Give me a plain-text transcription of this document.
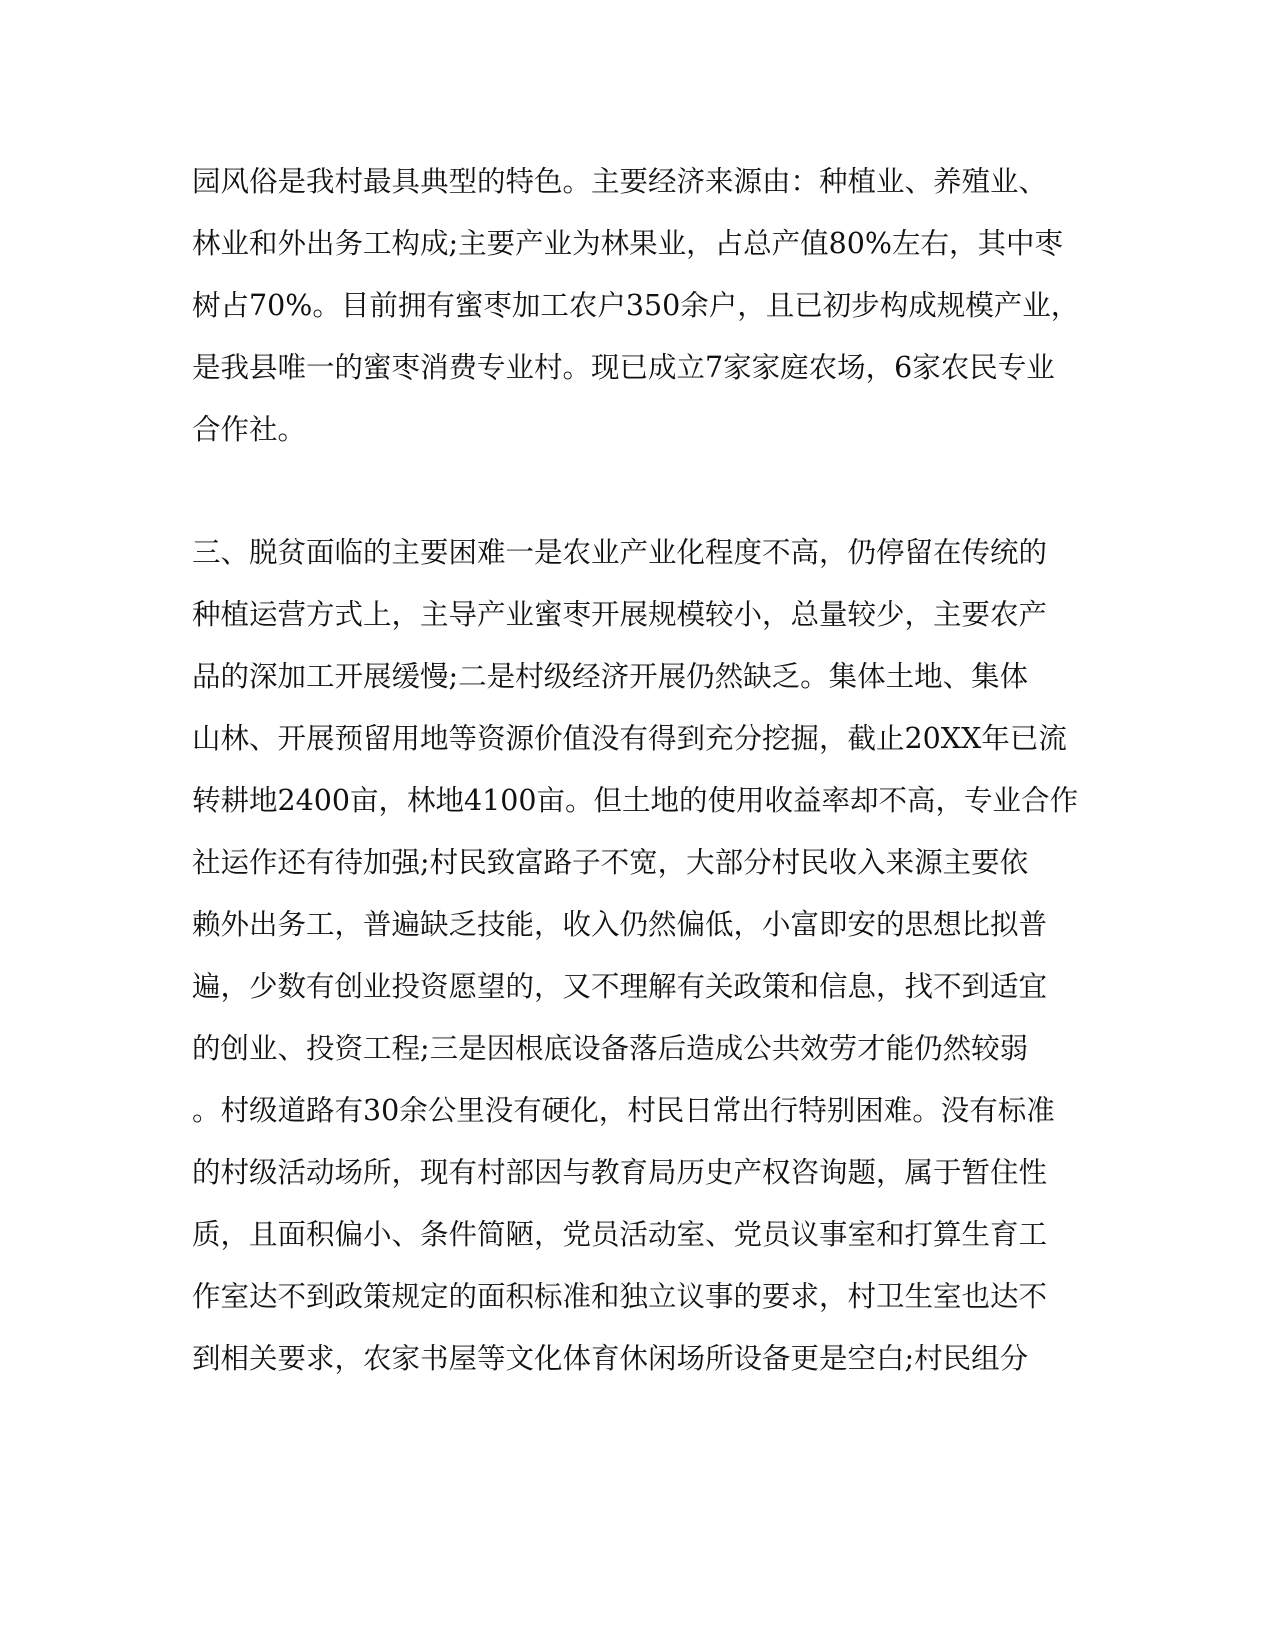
园风俗是我村最具典型的特色。主要经济来源由：种植业、养殖业、
林业和外出务工构成;主要产业为林果业，占总产值80%左右，其中枣
树占70%。目前拥有蜜枣加工农户350余户，且已初步构成规模产业，
是我县唯一的蜜枣消费专业村。现已成立7家家庭农场，6家农民专业
合作社。
三、脱贫面临的主要困难一是农业产业化程度不高，仍停留在传统的
种植运营方式上，主导产业蜜枣开展规模较小，总量较少，主要农产
品的深加工开展缓慢;二是村级经济开展仍然缺乏。集体土地、集体
山林、开展预留用地等资源价值没有得到充分挖掘，截止20XX年已流
转耕地2400亩，林地4100亩。但土地的使用收益率却不高，专业合作
社运作还有待加强;村民致富路子不宽，大部分村民收入来源主要依
赖外出务工，普遍缺乏技能，收入仍然偏低，小富即安的思想比拟普
遍，少数有创业投资愿望的，又不理解有关政策和信息，找不到适宜
的创业、投资工程;三是因根底设备落后造成公共效劳才能仍然较弱
。村级道路有30余公里没有硬化，村民日常出行特别困难。没有标准
的村级活动场所，现有村部因与教育局历史产权咨询题，属于暂住性
质，且面积偏小、条件简陋，党员活动室、党员议事室和打算生育工
作室达不到政策规定的面积标准和独立议事的要求，村卫生室也达不
到相关要求，农家书屋等文化体育休闲场所设备更是空白;村民组分
